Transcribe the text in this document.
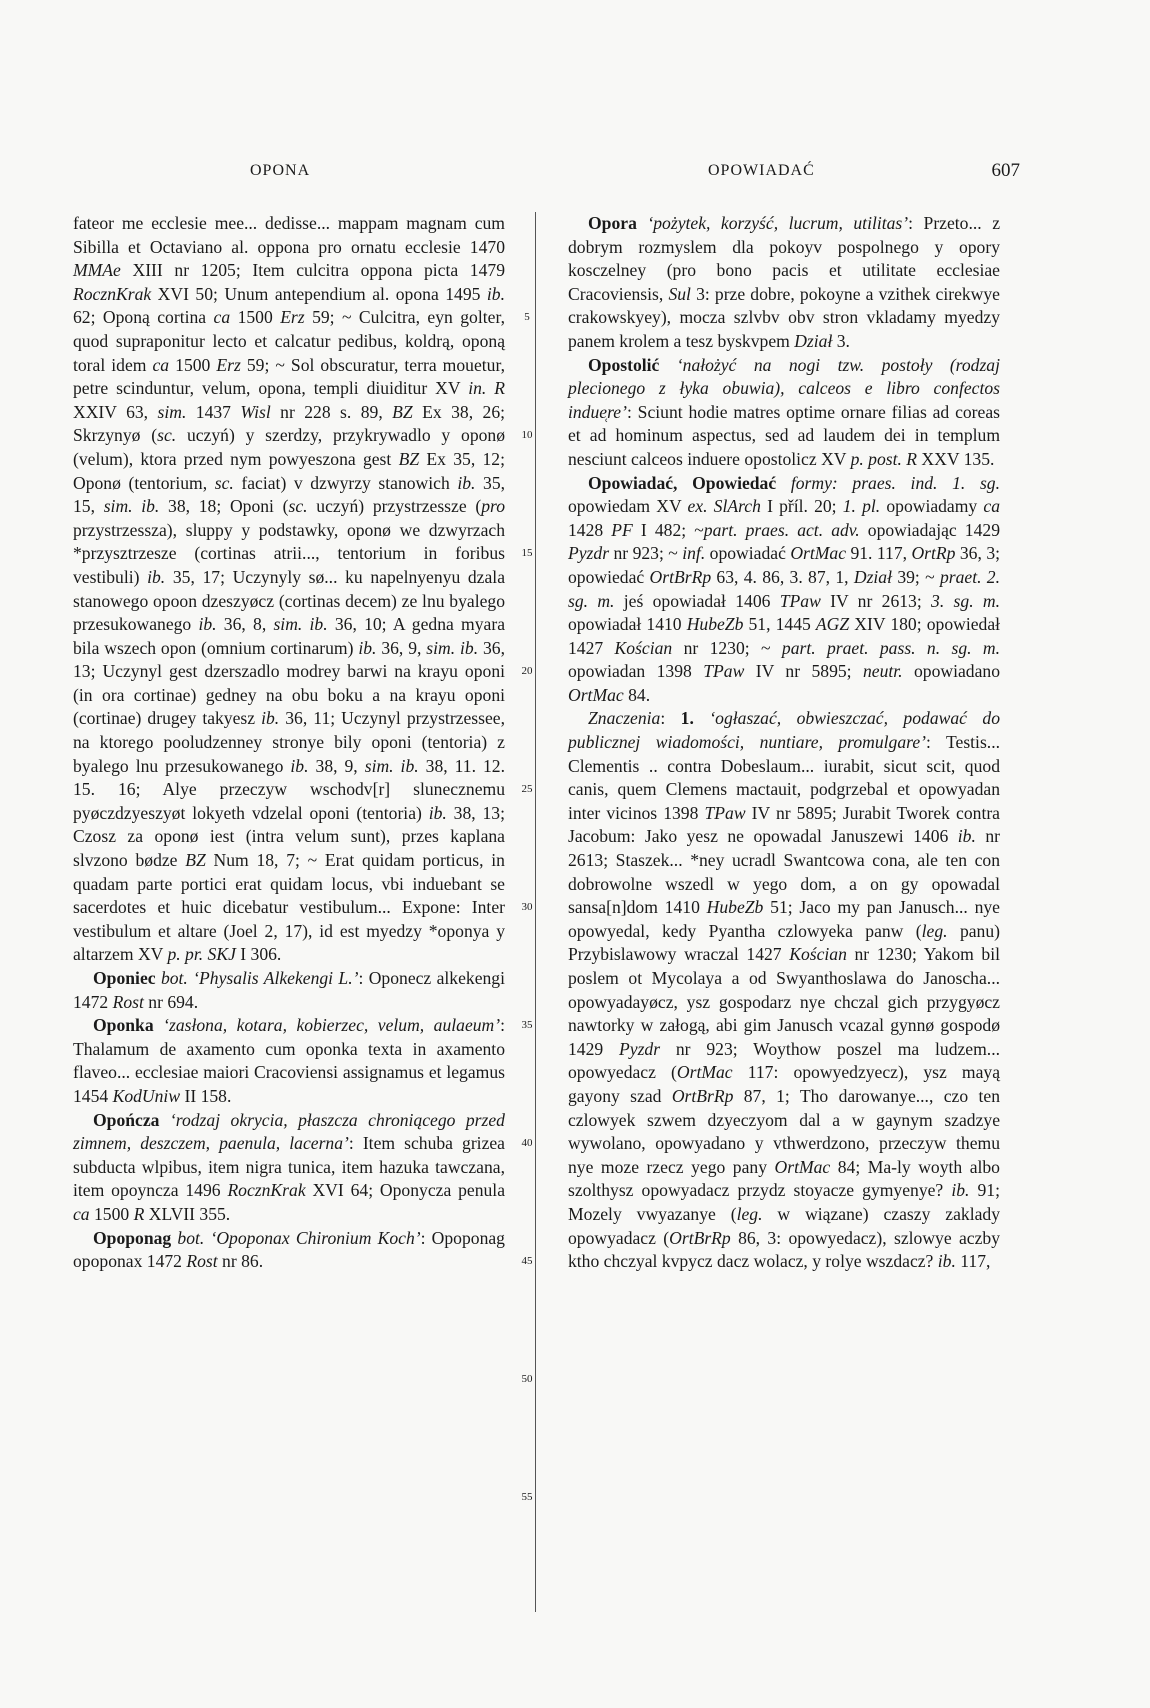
OPONA	OPOWIADAĆ	607

fateor me ecclesie mee... dedisse... mappam magnam cum Sibilla et Octaviano al. oppona pro ornatu ecclesie 1470 MMAe XIII nr 1205; Item culcitra oppona picta 1479 RocznKrak XVI 50; Unum antependium al. opona 1495 ib. 62; Oponą cortina ca 1500 Erz 59; ~ Culcitra, eyn golter, quod supraponitur lecto et calcatur pedibus, koldrą, oponą toral idem ca 1500 Erz 59; ~ Sol obscuratur, terra mouetur, petre scinduntur, velum, opona, templi diuiditur XV in. R XXIV 63, sim. 1437 Wisl nr 228 s. 89, BZ Ex 38, 26; Skrzynyø (sc. uczyń) y szerdzy, przykrywadlo y oponø (velum), ktora przed nym powyeszona gest BZ Ex 35, 12; Oponø (tentorium, sc. faciat) v dzwyrzy stanowich ib. 35, 15, sim. ib. 38, 18; Oponi (sc. uczyń) przystrzessze (pro przystrzessza), sluppy y podstawky, oponø we dzwyrzach *przysztrzesze (cortinas atrii..., tentorium in foribus vestibuli) ib. 35, 17; Uczynyly sø... ku napelnyenyu dzala stanowego opoon dzeszyøcz (cortinas decem) ze lnu byalego przesukowanego ib. 36, 8, sim. ib. 36, 10; A gedna myara bila wszech opon (omnium cortinarum) ib. 36, 9, sim. ib. 36, 13; Uczynyl gest dzerszadlo modrey barwi na krayu oponi (in ora cortinae) gedney na obu boku a na krayu oponi (cortinae) drugey takyesz ib. 36, 11; Uczynyl przystrzessee, na ktorego pooludzenney stronye bily oponi (tentoria) z byalego lnu przesukowanego ib. 38, 9, sim. ib. 38, 11. 12. 15. 16; Alye przeczyw wschodv[r] slunecznemu pyøczdzyeszyøt lokyeth vdzelal oponi (tentoria) ib. 38, 13; Czosz za oponø iest (intra velum sunt), przes kaplana slvzono bødze BZ Num 18, 7; ~ Erat quidam porticus, in quadam parte portici erat quidam locus, vbi induebant se sacerdotes et huic dicebatur vestibulum... Expone: Inter vestibulum et altare (Joel 2, 17), id est myedzy *oponya y altarzem XV p. pr. SKJ I 306.

Oponiec bot. ʻPhysalis Alkekengi L.ʼ: Oponecz alkekengi 1472 Rost nr 694.

Oponka ʻzasłona, kotara, kobierzec, velum, aulaeumʼ: Thalamum de axamento cum oponka texta in axamento flaveo... ecclesiae maiori Cracoviensi assignamus et legamus 1454 KodUniw II 158.

Opończa ʻrodzaj okrycia, płaszcza chroniącego przed zimnem, deszczem, paenula, lacernaʼ: Item schuba grizea subducta wlpibus, item nigra tunica, item hazuka tawczana, item opoyncza 1496 RocznKrak XVI 64; Oponycza penula ca 1500 R XLVII 355.

Opoponag bot. ʻOpoponax Chironium Kochʼ: Opoponag opoponax 1472 Rost nr 86.

5
10
15
20
25
30
35
40
45
50
55

Opora ʻpożytek, korzyść, lucrum, utilitasʼ: Przeto... z dobrym rozmyslem dla pokoyv pospolnego y opory kosczelney (pro bono pacis et utilitate ecclesiae Cracoviensis, Sul 3: prze dobre, pokoyne a vzithek cirekwye crakowskyey), mocza szlvbv obv stron vkladamy myedzy panem krolem a tesz byskvpem Dział 3.

Opostolić ʻnałożyć na nogi tzw. postoły (rodzaj plecionego z łyka obuwia), calceos e libro confectos indue̜reʼ: Sciunt hodie matres optime ornare filias ad coreas et ad hominum aspectus, sed ad laudem dei in templum nesciunt calceos induere opostolicz XV p. post. R XXV 135.

Opowiadać, Opowiedać formy: praes. ind. 1. sg. opowiedam XV ex. SlArch I příl. 20; 1. pl. opowiadamy ca 1428 PF I 482; ~part. praes. act. adv. opowiadając 1429 Pyzdr nr 923; ~ inf. opowiadać OrtMac 91. 117, OrtRp 36, 3; opowiedać OrtBrRp 63, 4. 86, 3. 87, 1, Dział 39; ~ praet. 2. sg. m. jeś opowiadał 1406 TPaw IV nr 2613; 3. sg. m. opowiadał 1410 HubeZb 51, 1445 AGZ XIV 180; opowiedał 1427 Kościan nr 1230; ~ part. praet. pass. n. sg. m. opowiadan 1398 TPaw IV nr 5895; neutr. opowiadano OrtMac 84.

Znaczenia: 1. ʻogłaszać, obwieszczać, podawać do publicznej wiadomości, nuntiare, promulgareʼ: Testis... Clementis .. contra Dobeslaum... iurabit, sicut scit, quod canis, quem Clemens mactauit, podgrzebal et opowyadan inter vicinos 1398 TPaw IV nr 5895; Jurabit Tworek contra Jacobum: Jako yesz ne opowadal Januszewi 1406 ib. nr 2613; Staszek... *ney ucradl Swantcowa cona, ale ten con dobrowolne wszedl w yego dom, a on gy opowadal sansa[n]dom 1410 HubeZb 51; Jaco my pan Janusch... nye opowyedal, kedy Pyantha czlowyeka panw (leg. panu) Przybislawowy wraczal 1427 Kościan nr 1230; Yakom bil poslem ot Mycolaya a od Swyanthoslawa do Janoscha... opowyadayøcz, ysz gospodarz nye chczal gich przygyøcz nawtorky w załogą, abi gim Janusch vcazal gynnø gospodø 1429 Pyzdr nr 923; Woythow poszel ma ludzem... opowyedacz (OrtMac 117: opowyedzyecz), ysz mayą gayony szad OrtBrRp 87, 1; Tho darowanye..., czo ten czlowyek szwem dzyeczyom dal a w gaynym szadzye wywolano, opowyadano y vthwerdzono, przeczyw themu nye moze rzecz yego pany OrtMac 84; Ma-ly woyth albo szolthysz opowyadacz przydz stoyacze gymyenye? ib. 91; Mozely vwyazanye (leg. w wiązane) czaszy zaklady opowyadacz (OrtBrRp 86, 3: opowyedacz), szlowye aczby ktho chczyal kvpycz dacz wolacz, y rolye wszdacz? ib. 117,
